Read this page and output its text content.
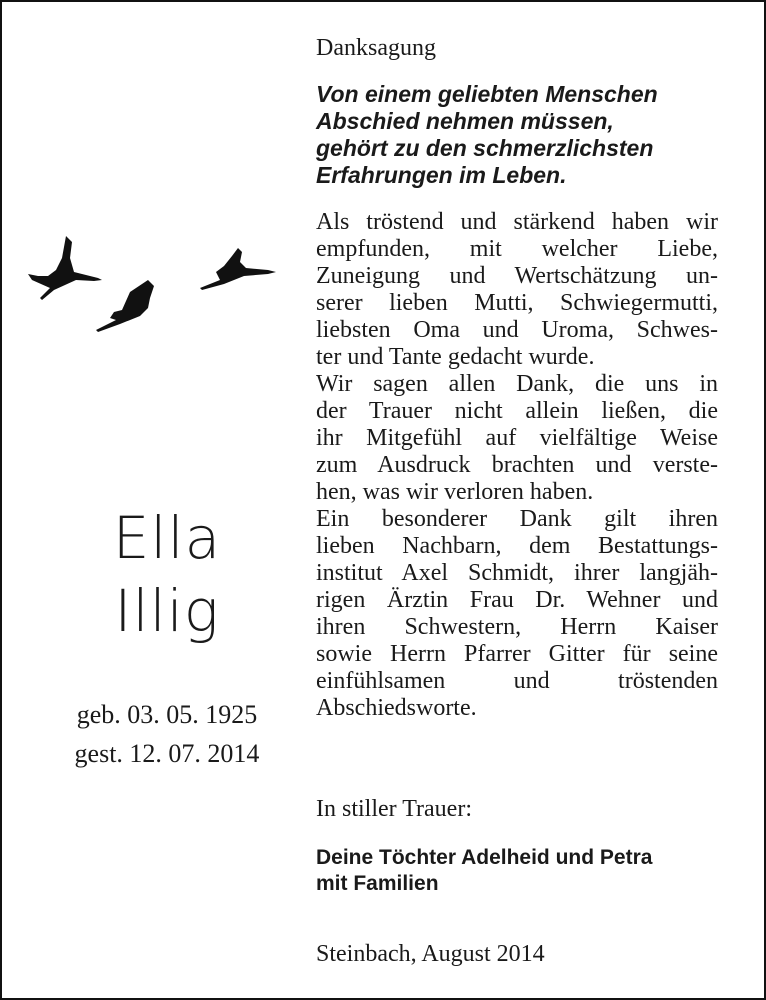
Ella
Illig
geb. 03. 05. 1925
gest. 12. 07. 2014
Danksagung
Von einem geliebten Menschen
Abschied nehmen müssen,
gehört zu den schmerzlichsten
Erfahrungen im Leben.
Als tröstend und stärkend haben wir
empfunden, mit welcher Liebe,
Zuneigung und Wertschätzung un-
serer lieben Mutti, Schwiegermutti,
liebsten Oma und Uroma, Schwes-
ter und Tante gedacht wurde.
Wir sagen allen Dank, die uns in
der Trauer nicht allein ließen, die
ihr Mitgefühl auf vielfältige Weise
zum Ausdruck brachten und verste-
hen, was wir verloren haben.
Ein besonderer Dank gilt ihren
lieben Nachbarn, dem Bestattungs-
institut Axel Schmidt, ihrer langjäh-
rigen Ärztin Frau Dr. Wehner und
ihren Schwestern, Herrn Kaiser
sowie Herrn Pfarrer Gitter für seine
einfühlsamen und tröstenden
Abschiedsworte.
In stiller Trauer:
Deine Töchter Adelheid und Petra
mit Familien
Steinbach, August 2014
